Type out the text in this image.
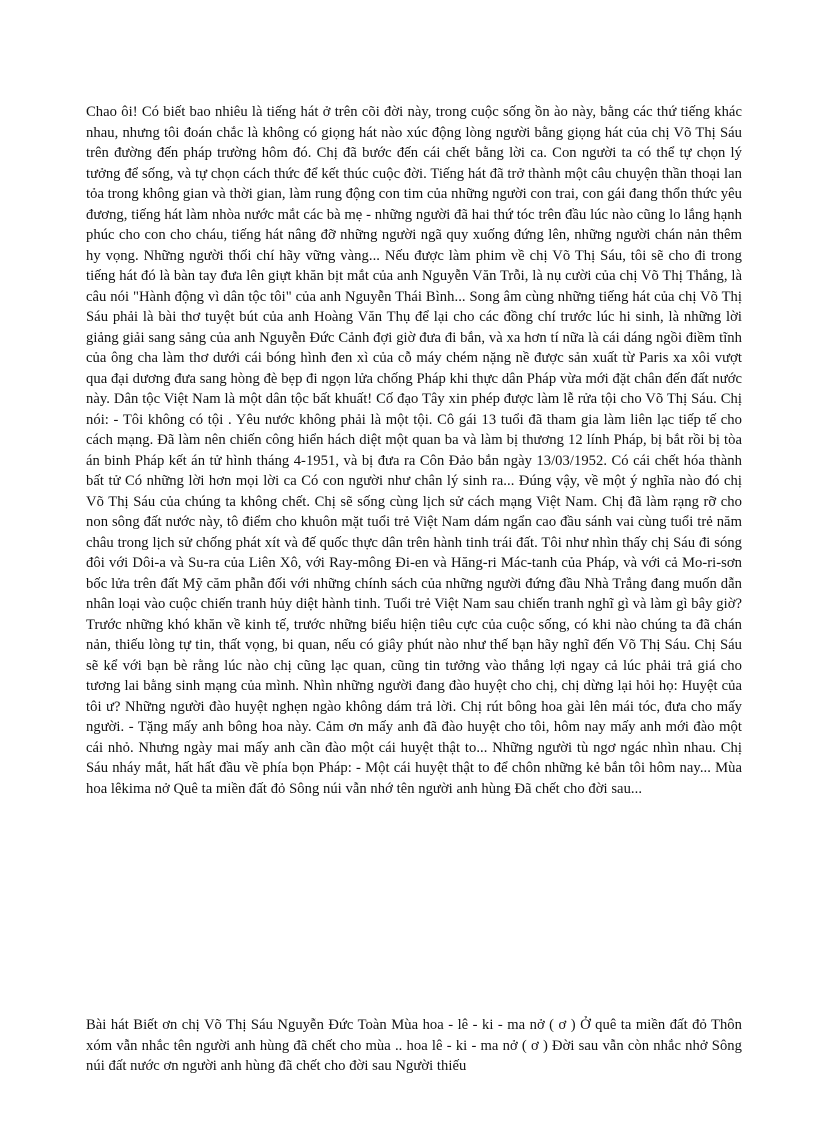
Chao ôi! Có biết bao nhiêu là tiếng hát ở trên cõi đời này, trong cuộc sống ồn ào này, bằng các thứ tiếng khác nhau, nhưng tôi đoán chắc là không có giọng hát nào xúc động lòng người bằng giọng hát của chị Võ Thị Sáu trên đường đến pháp trường hôm đó. Chị đã bước đến cái chết bằng lời ca. Con người ta có thể tự chọn lý tưởng để sống, và tự chọn cách thức để kết thúc cuộc đời. Tiếng hát đã trở thành một câu chuyện thần thoại lan tỏa trong không gian và thời gian, làm rung động con tim của những người con trai, con gái đang thổn thức yêu đương, tiếng hát làm nhòa nước mắt các bà mẹ - những người đã hai thứ tóc trên đầu lúc nào cũng lo lắng hạnh phúc cho con cho cháu, tiếng hát nâng đỡ những người ngã quy xuống đứng lên, những người chán nản thêm hy vọng. Những người thối chí hãy vững vàng... Nếu được làm phim về chị Võ Thị Sáu, tôi sẽ cho đi trong tiếng hát đó là bàn tay đưa lên giựt khăn bịt mắt của anh Nguyễn Văn Trỗi, là nụ cười của chị Võ Thị Thắng, là câu nói "Hành động vì dân tộc tôi" của anh Nguyễn Thái Bình... Song âm cùng những tiếng hát của chị Võ Thị Sáu phải là bài thơ tuyệt bút của anh Hoàng Văn Thụ để lại cho các đồng chí trước lúc hi sinh, là những lời giảng giải sang sảng của anh Nguyễn Đức Cảnh đợi giờ đưa đi bắn, và xa hơn tí nữa là cái dáng ngồi điềm tĩnh của ông cha làm thơ dưới cái bóng hình đen xì của cỗ máy chém nặng nề được sản xuất từ Paris xa xôi vượt qua đại dương đưa sang hòng đè bẹp đi ngọn lửa chống Pháp khi thực dân Pháp vừa mới đặt chân đến đất nước này. Dân tộc Việt Nam là một dân tộc bất khuất! Cố đạo Tây xin phép được làm lễ rửa tội cho Võ Thị Sáu. Chị nói: - Tôi không có tội . Yêu nước không phải là một tội. Cô gái 13 tuổi đã tham gia làm liên lạc tiếp tế cho cách mạng. Đã làm nên chiến công hiển hách diệt một quan ba và làm bị thương 12 lính Pháp, bị bắt rồi bị tòa án binh Pháp kết án tử hình tháng 4-1951, và bị đưa ra Côn Đảo bắn ngày 13/03/1952. Có cái chết hóa thành bất tử Có những lời hơn mọi lời ca Có con người như chân lý sinh ra... Đúng vậy, về một ý nghĩa nào đó chị Võ Thị Sáu của chúng ta không chết. Chị sẽ sống cùng lịch sử cách mạng Việt Nam. Chị đã làm rạng rỡ cho non sông đất nước này, tô điểm cho khuôn mặt tuổi trẻ Việt Nam dám ngẩn cao đầu sánh vai cùng tuổi trẻ năm châu trong lịch sử chống phát xít và đế quốc thực dân trên hành tinh trái đất. Tôi như nhìn thấy chị Sáu đi sóng đôi với Dôi-a và Su-ra của Liên Xô, với Ray-mông Đi-en và Hăng-ri Mác-tanh của Pháp, và với cả Mo-ri-sơn bốc lửa trên đất Mỹ căm phẫn đối với những chính sách của những người đứng đầu Nhà Trắng đang muốn dẫn nhân loại vào cuộc chiến tranh hủy diệt hành tinh. Tuổi trẻ Việt Nam sau chiến tranh nghĩ gì và làm gì bây giờ? Trước những khó khăn về kinh tế, trước những biểu hiện tiêu cực của cuộc sống, có khi nào chúng ta đã chán nản, thiếu lòng tự tin, thất vọng, bi quan, nếu có giây phút nào như thế bạn hãy nghĩ đến Võ Thị Sáu. Chị Sáu sẽ kể với bạn bè rằng lúc nào chị cũng lạc quan, cũng tin tưởng vào thắng lợi ngay cả lúc phải trả giá cho tương lai bằng sinh mạng của mình. Nhìn những người đang đào huyệt cho chị, chị dừng lại hỏi họ: Huyệt của tôi ư? Những người đào huyệt nghẹn ngào không dám trả lời. Chị rút bông hoa gài lên mái tóc, đưa cho mấy người. - Tặng mấy anh bông hoa này. Cảm ơn mấy anh đã đào huyệt cho tôi, hôm nay mấy anh mới đào một cái nhỏ. Nhưng ngày mai mấy anh cần đào một cái huyệt thật to... Những người tù ngơ ngác nhìn nhau. Chị Sáu nháy mắt, hất hất đầu về phía bọn Pháp: - Một cái huyệt thật to để chôn những kẻ bắn tôi hôm nay... Mùa hoa lêkima nở Quê ta miền đất đỏ Sông núi vẫn nhớ tên người anh hùng Đã chết cho đời sau...

Bài hát Biết ơn chị Võ Thị Sáu Nguyễn Đức Toàn Mùa hoa - lê - ki - ma nở ( ơ ) Ở quê ta miền đất đỏ Thôn xóm vẫn nhắc tên người anh hùng đã chết cho mùa .. hoa lê - ki - ma nở ( ơ ) Đời sau vẫn còn nhắc nhở Sông núi đất nước ơn người anh hùng đã chết cho đời sau Người thiếu
